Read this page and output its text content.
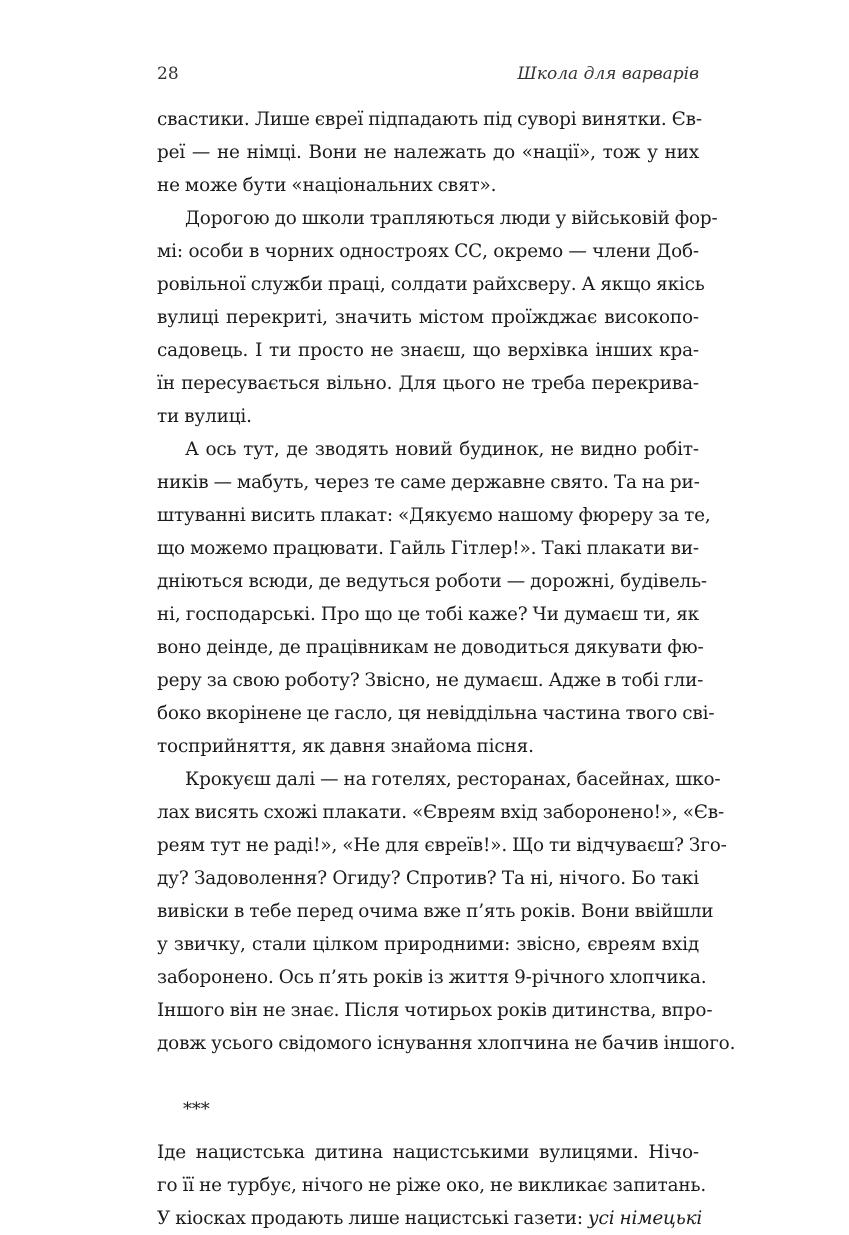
28	Школа для варварів

свастики. Лише євреї підпадають під суворі винятки. Єв-
реї — не німці. Вони не належать до «нації», тож у них
не може бути «національних свят».

Дорогою до школи трапляються люди у військовій фор-
мі: особи в чорних одностроях СС, окремо — члени Доб-
ровільної служби праці, солдати райхсверу. А якщо якісь
вулиці перекриті, значить містом проїжджає високопо-
садовець. І ти просто не знаєш, що верхівка інших кра-
їн пересувається вільно. Для цього не треба перекрива-
ти вулиці.

А ось тут, де зводять новий будинок, не видно робіт-
ників — мабуть, через те саме державне свято. Та на ри-
штуванні висить плакат: «Дякуємо нашому фюреру за те,
що можемо працювати. Гайль Гітлер!». Такі плакати ви-
дніються всюди, де ведуться роботи — дорожні, будівель-
ні, господарські. Про що це тобі каже? Чи думаєш ти, як
воно деінде, де працівникам не доводиться дякувати фю-
реру за свою роботу? Звісно, не думаєш. Адже в тобі гли-
боко вкорінене це гасло, ця невіддільна частина твого сві-
тосприйняття, як давня знайома пісня.

Крокуєш далі — на готелях, ресторанах, басейнах, шко-
лах висять схожі плакати. «Євреям вхід заборонено!», «Єв-
реям тут не раді!», «Не для євреїв!». Що ти відчуваєш? Зго-
ду? Задоволення? Огиду? Спротив? Та ні, нічого. Бо такі
вивіски в тебе перед очима вже п’ять років. Вони ввійшли
у звичку, стали цілком природними: звісно, євреям вхід
заборонено. Ось п’ять років із життя 9-річного хлопчика.
Іншого він не знає. Після чотирьох років дитинства, впро-
довж усього свідомого існування хлопчина не бачив іншого.

***

Іде нацистська дитина нацистськими вулицями. Нічо-
го її не турбує, нічого не ріже око, не викликає запитань.
У кіосках продають лише нацистські газети: усі німецькі
